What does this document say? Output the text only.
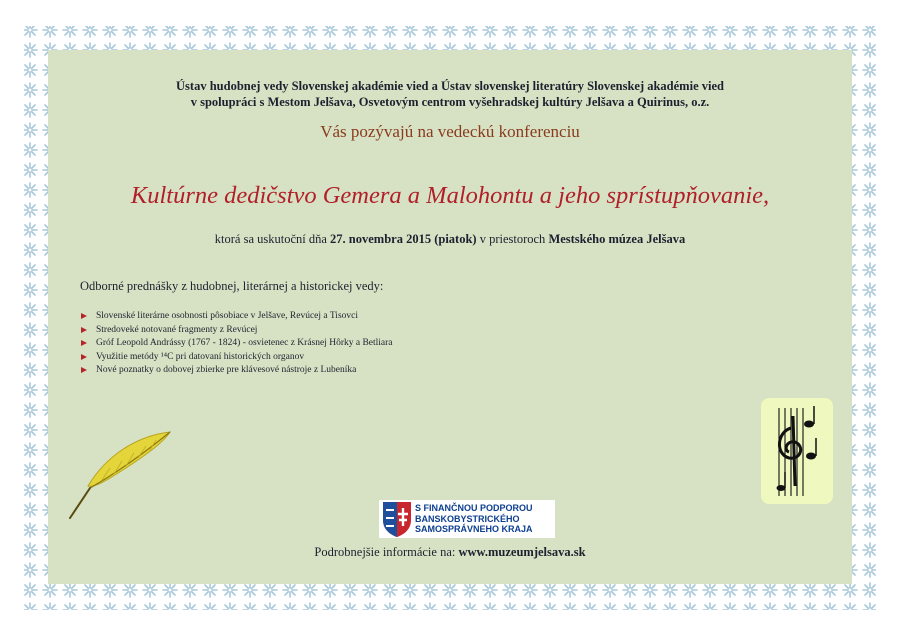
Ústav hudobnej vedy Slovenskej akadémie vied a Ústav slovenskej literatúry Slovenskej akadémie vied
v spolupráci s Mestom Jelšava, Osvetovým centrom vyšehradskej kultúry Jelšava a Quirinus, o.z.
Vás pozývajú na vedeckú konferenciu
Kultúrne dedičstvo Gemera a Malohontu a jeho sprístupňovanie,
ktorá sa uskutoční dňa 27. novembra 2015 (piatok) v priestoroch Mestského múzea Jelšava
Odborné prednášky z hudobnej, literárnej a historickej vedy:
Slovenské literárne osobnosti pôsobiace v Jelšave, Revúcej a Tisovci
Stredoveké notované fragmenty z Revúcej
Gróf Leopold Andrássy (1767 - 1824) - osvietenec z Krásnej Hôrky a Betliara
Využitie metódy ¹⁴C pri datovaní historických organov
Nové poznatky o dobovej zbierke pre klávesové nástroje z Lubeníka
S FINANČNOU PODPOROU
BANSKOBYSTRICKÉHO
SAMOSPRÁVNEHO KRAJA
Podrobnejšie informácie na: www.muzeumjelsava.sk
